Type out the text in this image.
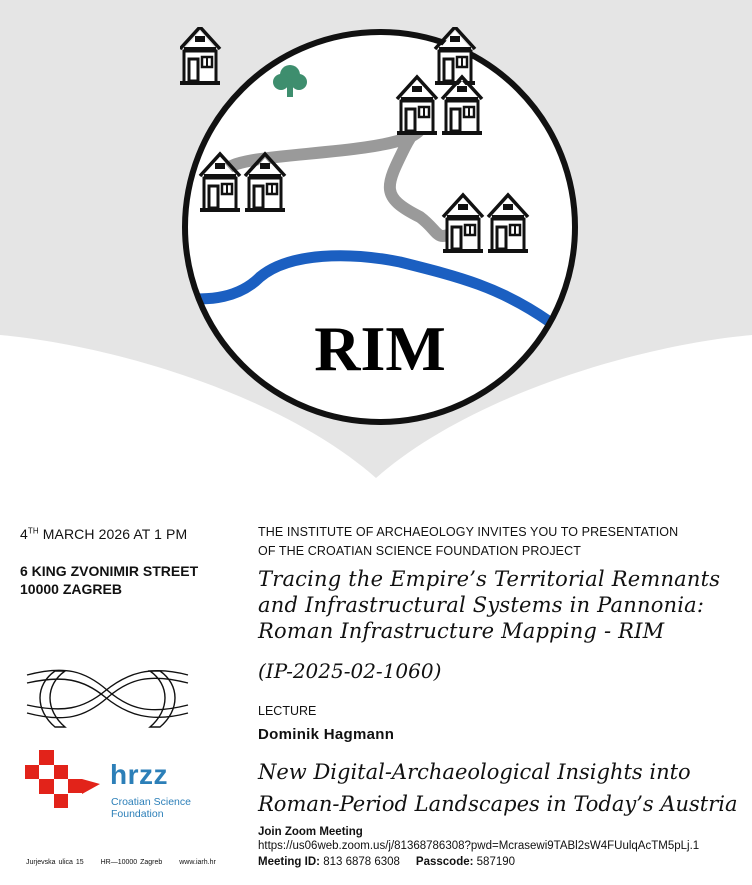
RIM
4TH MARCH 2026 AT 1 PM
6 KING ZVONIMIR STREET
10000 ZAGREB
hrzz
Croatian Science
Foundation
Jurjevska ulica 15 HR—10000 Zagreb www.iarh.hr
THE INSTITUTE OF ARCHAEOLOGY INVITES YOU TO PRESENTATION
OF THE CROATIAN SCIENCE FOUNDATION PROJECT
Tracing the Empire’s Territorial Remnants
and Infrastructural Systems in Pannonia:
Roman Infrastructure Mapping - RIM
(IP-2025-02-1060)
LECTURE
Dominik Hagmann
New Digital-Archaeological Insights into
Roman-Period Landscapes in Today’s Austria
Join Zoom Meeting
https://us06web.zoom.us/j/81368786308?pwd=Mcrasewi9TABl2sW4FUulqAcTM5pLj.1
Meeting ID: 813 6878 6308 Passcode: 587190
